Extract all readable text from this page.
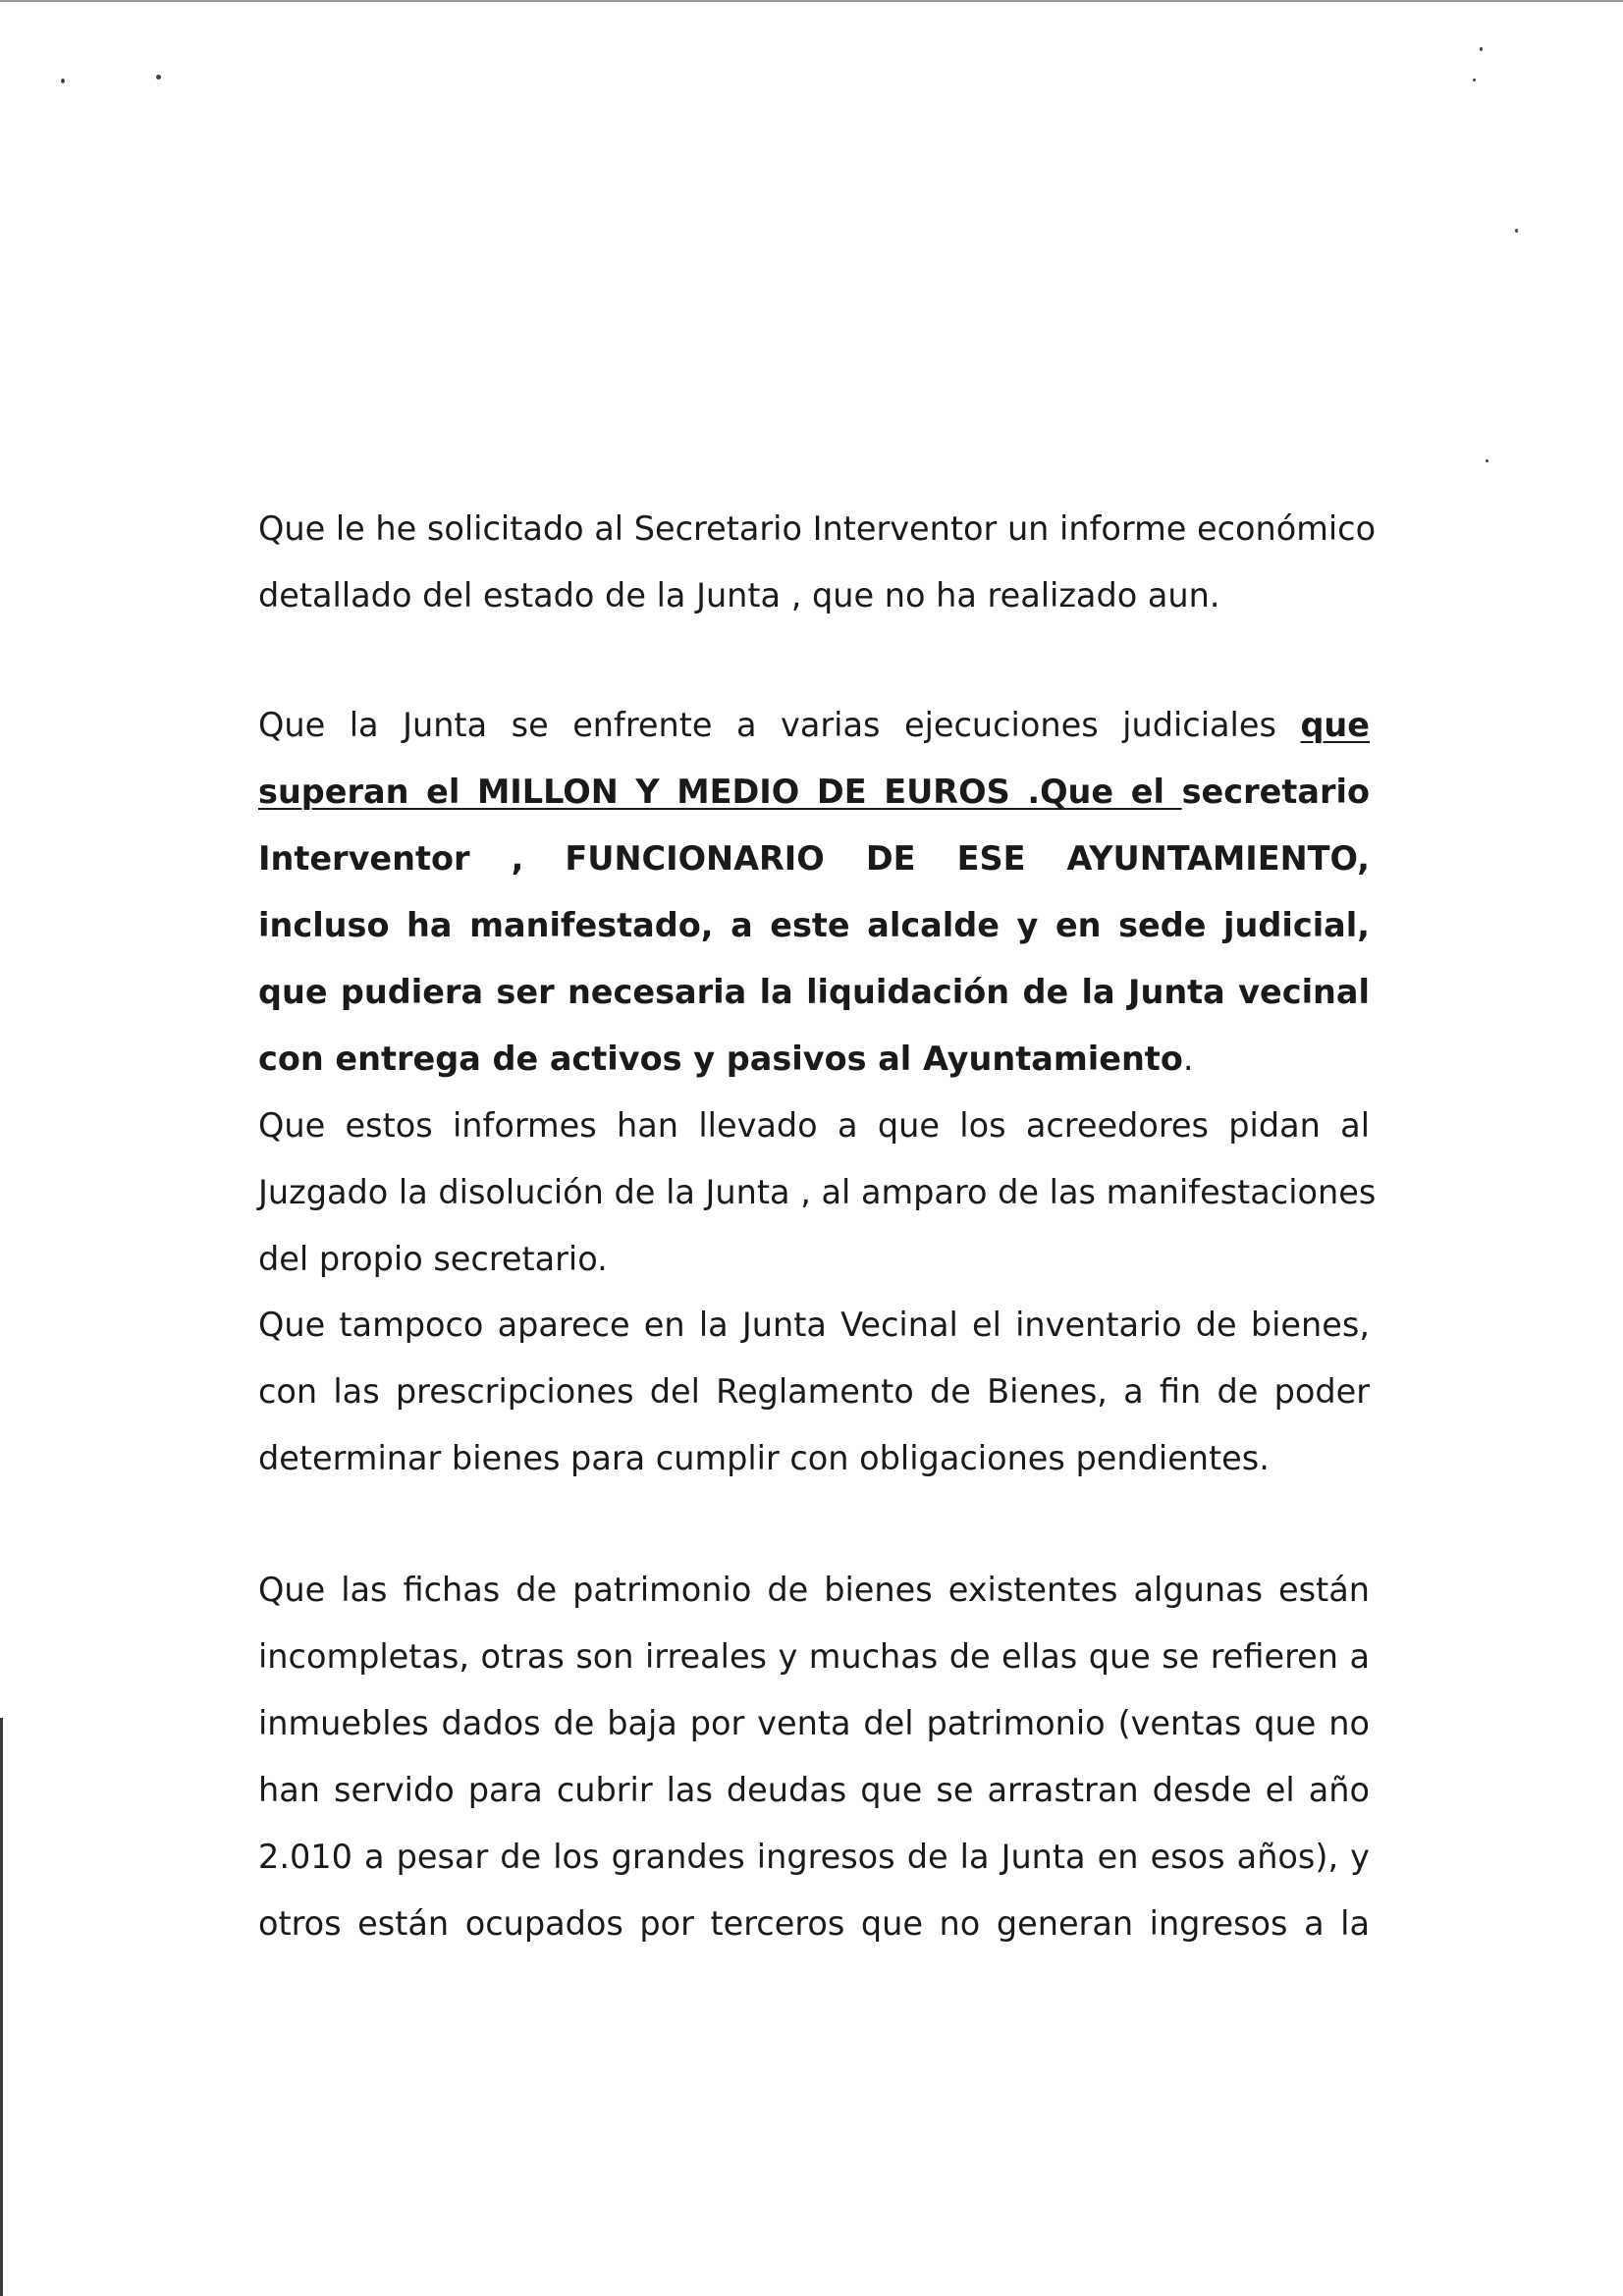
Que le he solicitado al Secretario Interventor un informe económico
detallado del estado de la Junta , que no ha realizado aun.
Que la Junta se enfrente a varias ejecuciones judiciales que
superan el MILLON Y MEDIO DE EUROS .Que el secretario
Interventor , FUNCIONARIO DE ESE AYUNTAMIENTO,
incluso ha manifestado, a este alcalde y en sede judicial,
que pudiera ser necesaria la liquidación de la Junta vecinal
con entrega de activos y pasivos al Ayuntamiento.
Que estos informes han llevado a que los acreedores pidan al
Juzgado la disolución de la Junta , al amparo de las manifestaciones
del propio secretario.
Que tampoco aparece en la Junta Vecinal el inventario de bienes,
con las prescripciones del Reglamento de Bienes, a fin de poder
determinar bienes para cumplir con obligaciones pendientes.
Que las fichas de patrimonio de bienes existentes algunas están
incompletas, otras son irreales y muchas de ellas que se refieren a
inmuebles dados de baja por venta del patrimonio (ventas que no
han servido para cubrir las deudas que se arrastran desde el año
2.010 a pesar de los grandes ingresos de la Junta en esos años), y
otros están ocupados por terceros que no generan ingresos a la
